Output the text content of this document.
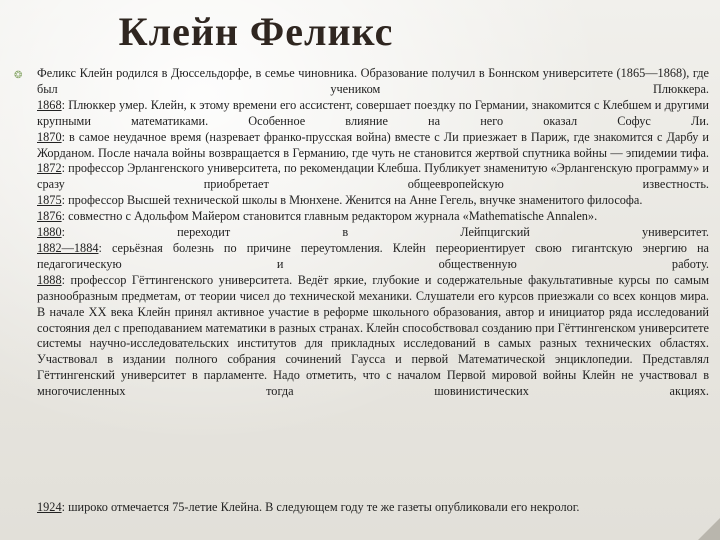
Клейн Феликс
❂ Феликс Клейн родился в Дюссельдорфе, в семье чиновника. Образование получил в Боннском университете (1865—1868), где был учеником Плюккера.

1868: Плюккер умер. Клейн, к этому времени его ассистент, совершает поездку по Германии, знакомится с Клебшем и другими крупными математиками. Особенное влияние на него оказал Софус Ли.

1870: в самое неудачное время (назревает франко-прусская война) вместе с Ли приезжает в Париж, где знакомится с Дарбу и Жорданом. После начала войны возвращается в Германию, где чуть не становится жертвой спутника войны — эпидемии тифа.

1872: профессор Эрлангенского университета, по рекомендации Клебша. Публикует знаменитую «Эрлангенскую программу» и сразу приобретает общеевропейскую известность.

1875: профессор Высшей технической школы в Мюнхене. Женится на Анне Гегель, внучке знаменитого философа.

1876: совместно с Адольфом Майером становится главным редактором журнала «Mathematische Annalen».

1880: переходит в Лейпцигский университет.

1882—1884: серьёзная болезнь по причине переутомления. Клейн переориентирует свою гигантскую энергию на педагогическую и общественную работу.

1888: профессор Гёттингенского университета. Ведёт яркие, глубокие и содержательные факультативные курсы по самым разнообразным предметам, от теории чисел до технической механики. Слушатели его курсов приезжали со всех концов мира.

В начале XX века Клейн принял активное участие в реформе школьного образования, автор и инициатор ряда исследований состояния дел с преподаванием математики в разных странах. Клейн способствовал созданию при Гёттингенском университете системы научно-исследовательских институтов для прикладных исследований в самых разных технических областях. Участвовал в издании полного собрания сочинений Гаусса и первой Математической энциклопедии. Представлял Гёттингенский университет в парламенте. Надо отметить, что с началом Первой мировой войны Клейн не участвовал в многочисленных тогда шовинистических акциях.

1924: широко отмечается 75-летие Клейна. В следующем году те же газеты опубликовали его некролог.
